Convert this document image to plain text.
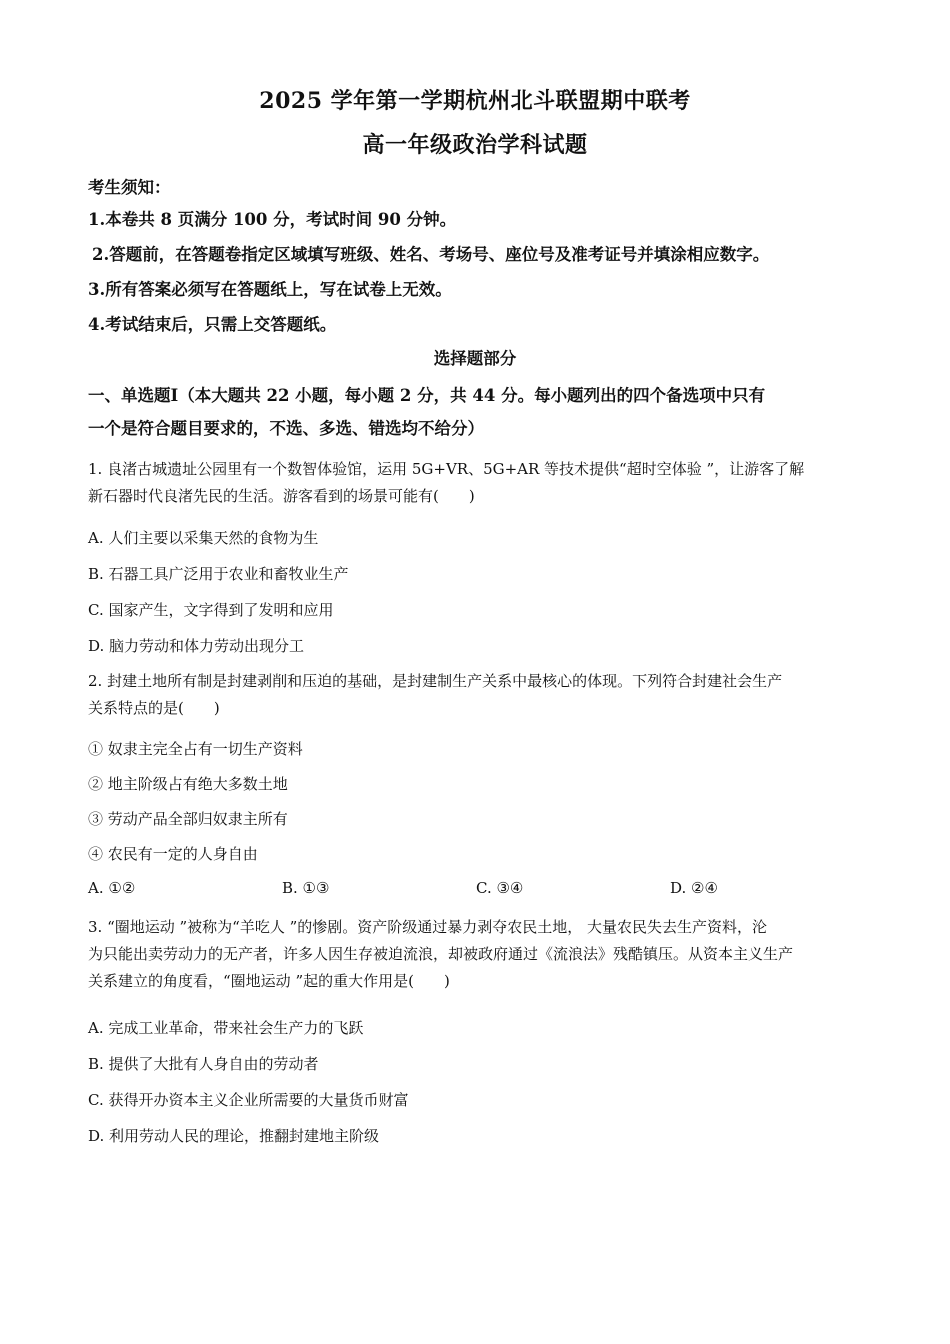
2025 学年第一学期杭州北斗联盟期中联考
高一年级政治学科试题
考生须知：
1.本卷共 8 页满分 100 分，考试时间 90 分钟。
2.答题前，在答题卷指定区域填写班级、姓名、考场号、座位号及准考证号并填涂相应数字。
3.所有答案必须写在答题纸上，写在试卷上无效。
4.考试结束后，只需上交答题纸。
选择题部分
一、单选题Ⅰ（本大题共 22 小题，每小题 2 分，共 44 分。每小题列出的四个备选项中只有
一个是符合题目要求的，不选、多选、错选均不给分）
1. 良渚古城遗址公园里有一个数智体验馆，运用 5G+VR、5G+AR 等技术提供“超时空体验 ”，让游客了解
新石器时代良渚先民的生活。游客看到的场景可能有(　　)
A. 人们主要以采集天然的食物为生
B. 石器工具广泛用于农业和畜牧业生产
C. 国家产生，文字得到了发明和应用
D. 脑力劳动和体力劳动出现分工
2. 封建土地所有制是封建剥削和压迫的基础，是封建制生产关系中最核心的体现。下列符合封建社会生产
关系特点的是(　　)
① 奴隶主完全占有一切生产资料
② 地主阶级占有绝大多数土地
③ 劳动产品全部归奴隶主所有
④ 农民有一定的人身自由
A. ①②	B. ①③	C. ③④	D. ②④
3. “圈地运动 ”被称为“羊吃人 ”的惨剧。资产阶级通过暴力剥夺农民土地， 大量农民失去生产资料，沦
为只能出卖劳动力的无产者，许多人因生存被迫流浪，却被政府通过《流浪法》残酷镇压。从资本主义生产
关系建立的角度看，“圈地运动 ”起的重大作用是(　　)
A. 完成工业革命，带来社会生产力的飞跃
B. 提供了大批有人身自由的劳动者
C. 获得开办资本主义企业所需要的大量货币财富
D. 利用劳动人民的理论，推翻封建地主阶级
